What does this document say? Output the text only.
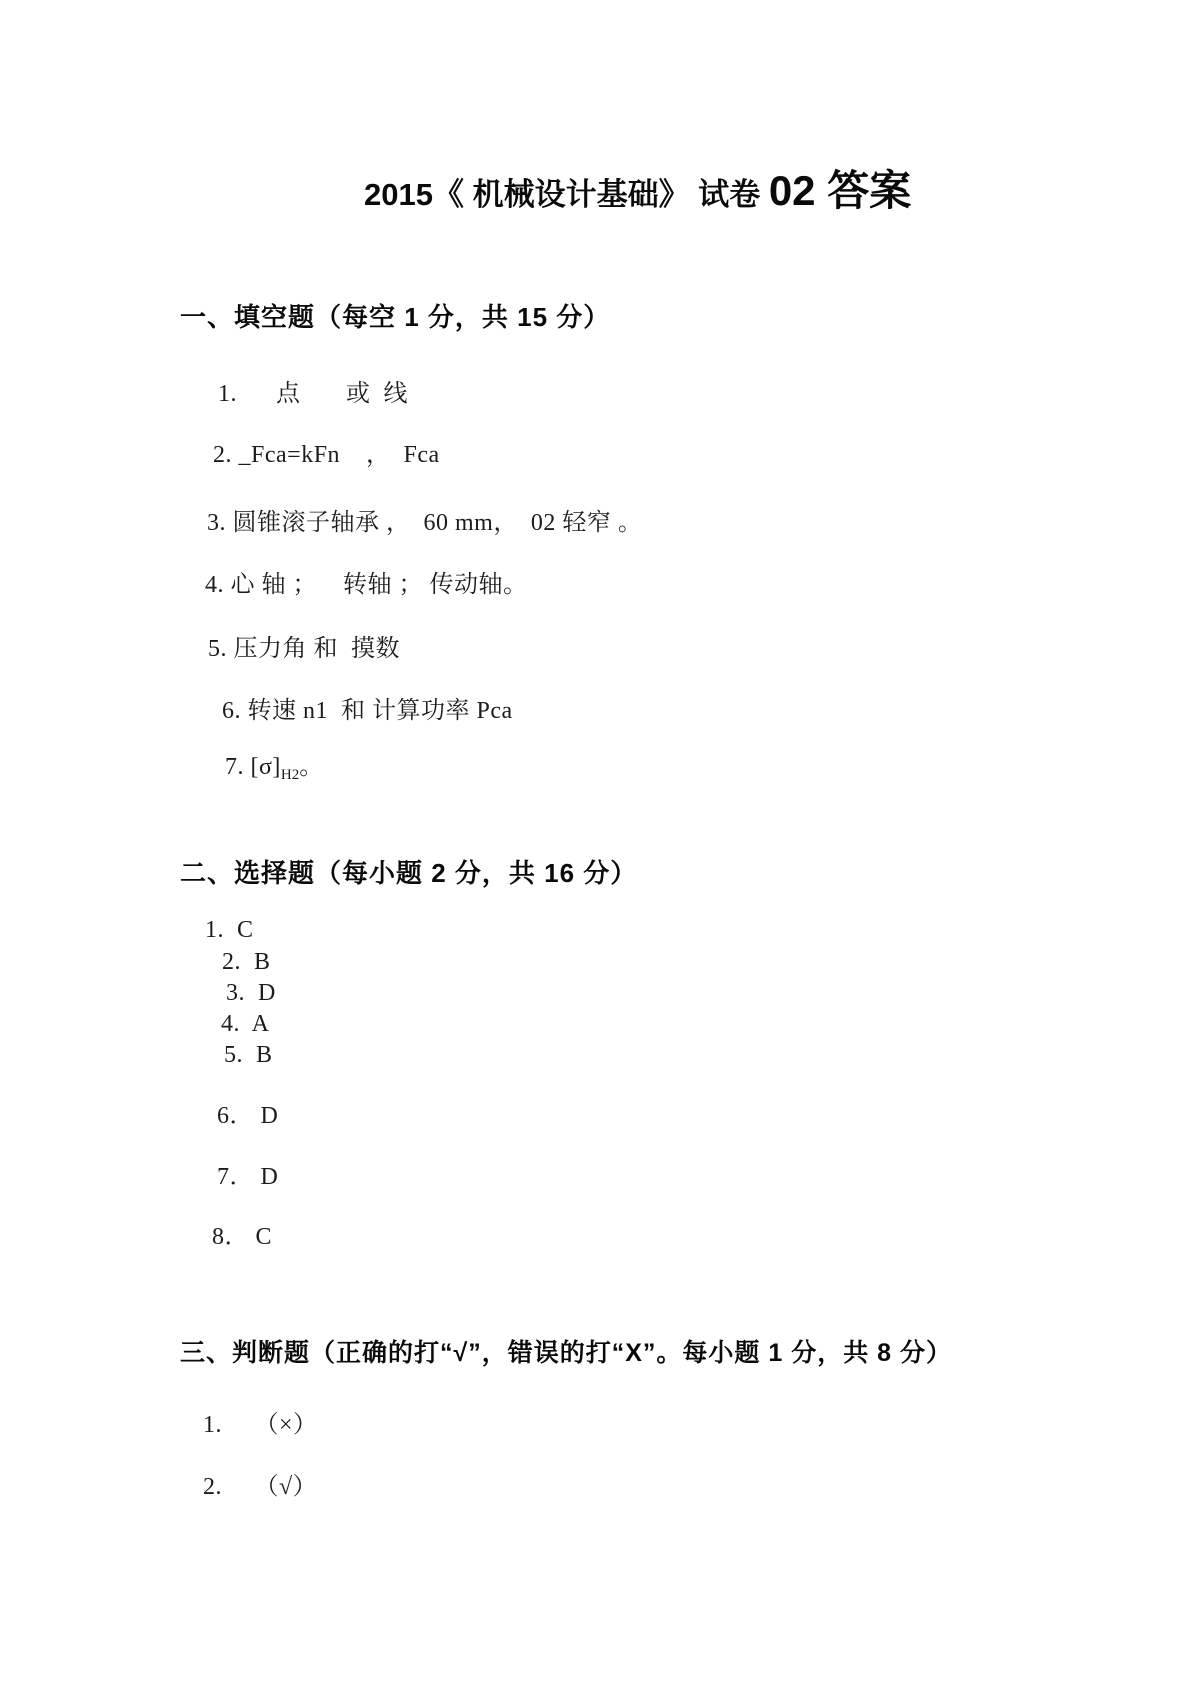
2015《 机械设计基础》 试卷 02 答案
一、填空题（每空 1 分，共 15 分）
1.      点       或  线
2. _Fca=kFn    ，  Fca
3. 圆锥滚子轴承 ，  60 mm，  02 轻窄 。
4. 心 轴 ；    转轴 ； 传动轴。
5. 压力角 和  摸数
6. 转速 n1  和 计算功率 Pca
7. $[\sigma]_{H2}$。
二、选择题（每小题 2 分，共 16 分）
1.  C
2.  B
3.  D
4.  A
5.  B
6． D
7． D
8． C
三、判断题（正确的打“√”，错误的打“X”。每小题 1 分，共 8 分）
1.     （×）
2.     （√）
